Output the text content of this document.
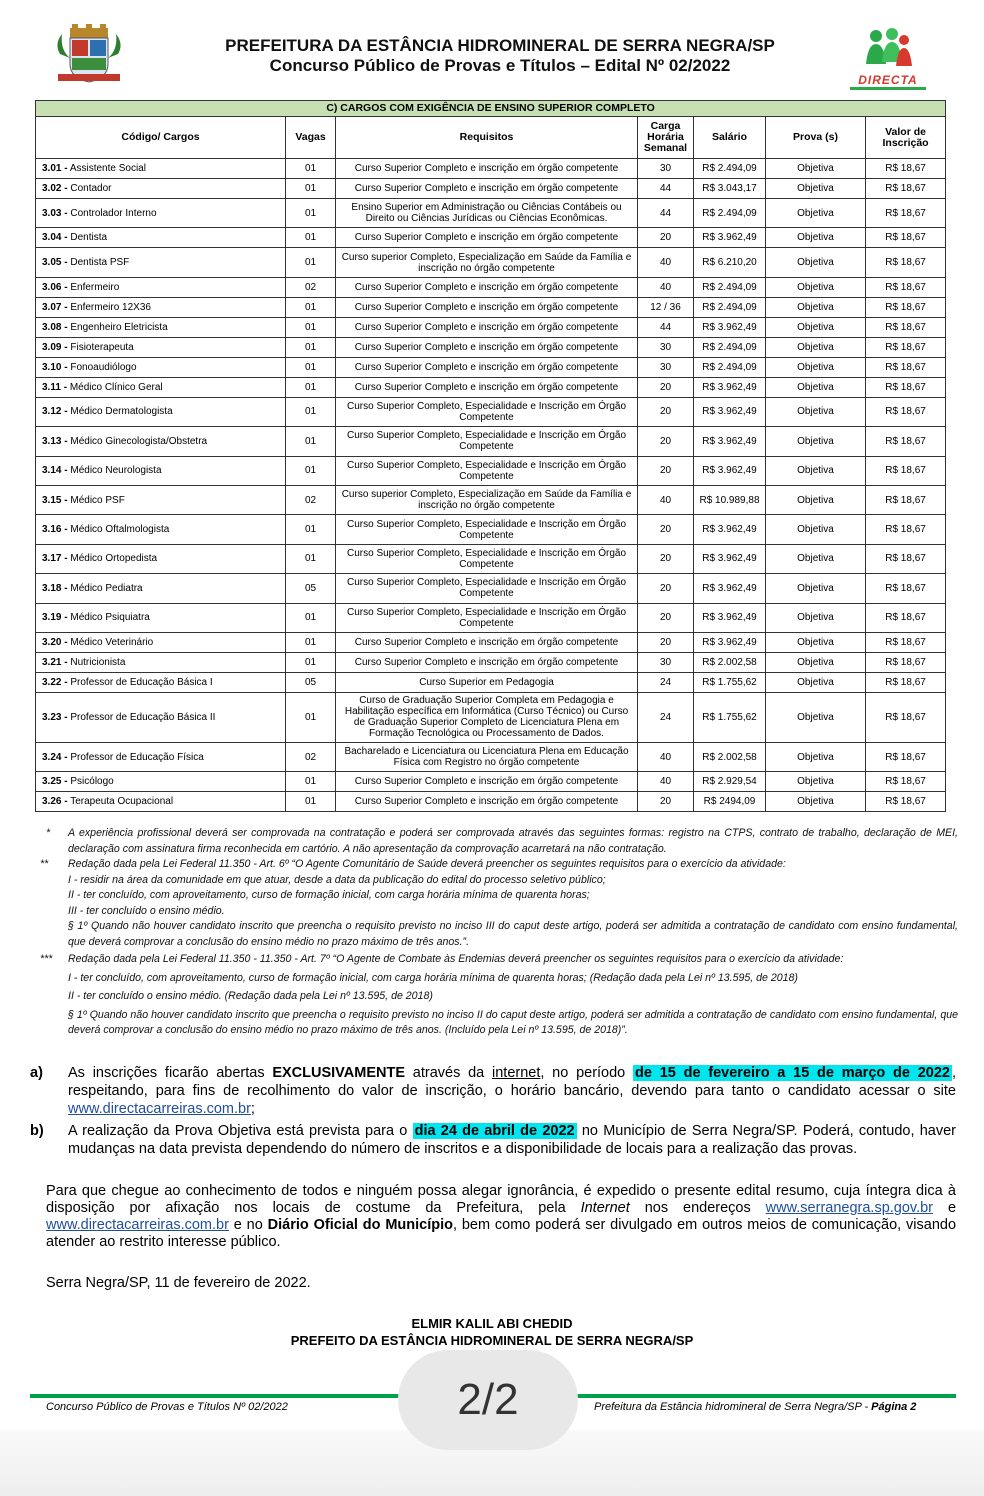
PREFEITURA DA ESTÂNCIA HIDROMINERAL DE SERRA NEGRA/SP
Concurso Público de Provas e Títulos – Edital Nº 02/2022
DIRECTA
C) CARGOS COM EXIGÊNCIA DE ENSINO SUPERIOR COMPLETO						
Código/ Cargos	Vagas	Requisitos	Carga Horária Semanal	Salário	Prova (s)	Valor de Inscrição
3.01 - Assistente Social	01	Curso Superior Completo e inscrição em órgão competente	30	R$ 2.494,09	Objetiva	R$ 18,67
3.02 - Contador	01	Curso Superior Completo e inscrição em órgão competente	44	R$ 3.043,17	Objetiva	R$ 18,67
3.03 - Controlador Interno	01	Ensino Superior em Administração ou Ciências Contábeis ou Direito ou Ciências Jurídicas ou Ciências Econômicas.	44	R$ 2.494,09	Objetiva	R$ 18,67
3.04 - Dentista	01	Curso Superior Completo e inscrição em órgão competente	20	R$ 3.962,49	Objetiva	R$ 18,67
3.05 - Dentista PSF	01	Curso superior Completo, Especialização em Saúde da Família e inscrição no órgão competente	40	R$ 6.210,20	Objetiva	R$ 18,67
3.06 - Enfermeiro	02	Curso Superior Completo e inscrição em órgão competente	40	R$ 2.494,09	Objetiva	R$ 18,67
3.07 - Enfermeiro 12X36	01	Curso Superior Completo e inscrição em órgão competente	12 / 36	R$ 2.494,09	Objetiva	R$ 18,67
3.08 - Engenheiro Eletricista	01	Curso Superior Completo e inscrição em órgão competente	44	R$ 3.962,49	Objetiva	R$ 18,67
3.09 - Fisioterapeuta	01	Curso Superior Completo e inscrição em órgão competente	30	R$ 2.494,09	Objetiva	R$ 18,67
3.10 - Fonoaudiólogo	01	Curso Superior Completo e inscrição em órgão competente	30	R$ 2.494,09	Objetiva	R$ 18,67
3.11 - Médico Clínico Geral	01	Curso Superior Completo e inscrição em órgão competente	20	R$ 3.962,49	Objetiva	R$ 18,67
3.12 - Médico Dermatologista	01	Curso Superior Completo, Especialidade e Inscrição em Órgão Competente	20	R$ 3.962,49	Objetiva	R$ 18,67
3.13 - Médico Ginecologista/Obstetra	01	Curso Superior Completo, Especialidade e Inscrição em Órgão Competente	20	R$ 3.962,49	Objetiva	R$ 18,67
3.14 - Médico Neurologista	01	Curso Superior Completo, Especialidade e Inscrição em Órgão Competente	20	R$ 3.962,49	Objetiva	R$ 18,67
3.15 - Médico PSF	02	Curso superior Completo, Especialização em Saúde da Família e inscrição no órgão competente	40	R$ 10.989,88	Objetiva	R$ 18,67
3.16 - Médico Oftalmologista	01	Curso Superior Completo, Especialidade e Inscrição em Órgão Competente	20	R$ 3.962,49	Objetiva	R$ 18,67
3.17 - Médico Ortopedista	01	Curso Superior Completo, Especialidade e Inscrição em Órgão Competente	20	R$ 3.962,49	Objetiva	R$ 18,67
3.18 - Médico Pediatra	05	Curso Superior Completo, Especialidade e Inscrição em Órgão Competente	20	R$ 3.962,49	Objetiva	R$ 18,67
3.19 - Médico Psiquiatra	01	Curso Superior Completo, Especialidade e Inscrição em Órgão Competente	20	R$ 3.962,49	Objetiva	R$ 18,67
3.20 - Médico Veterinário	01	Curso Superior Completo e inscrição em órgão competente	20	R$ 3.962,49	Objetiva	R$ 18,67
3.21 - Nutricionista	01	Curso Superior Completo e inscrição em órgão competente	30	R$ 2.002,58	Objetiva	R$ 18,67
3.22 - Professor de Educação Básica I	05	Curso Superior em Pedagogia	24	R$ 1.755,62	Objetiva	R$ 18,67
3.23 - Professor de Educação Básica II	01	Curso de Graduação Superior Completa em Pedagogia e Habilitação específica em Informática (Curso Técnico) ou Curso de Graduação Superior Completo de Licenciatura Plena em Formação Tecnológica ou Processamento de Dados.	24	R$ 1.755,62	Objetiva	R$ 18,67
3.24 - Professor de Educação Física	02	Bacharelado e Licenciatura ou Licenciatura Plena em Educação Física com Registro no órgão competente	40	R$ 2.002,58	Objetiva	R$ 18,67
3.25 - Psicólogo	01	Curso Superior Completo e inscrição em órgão competente	40	R$ 2.929,54	Objetiva	R$ 18,67
3.26 - Terapeuta Ocupacional	01	Curso Superior Completo e inscrição em órgão competente	20	R$ 2494,09	Objetiva	R$ 18,67
*	A experiência profissional deverá ser comprovada na contratação e poderá ser comprovada através das seguintes formas: registro na CTPS, contrato de trabalho, declaração de MEI, declaração com assinatura firma reconhecida em cartório. A não apresentação da comprovação acarretará na não contratação.
**	Redação dada pela Lei Federal 11.350 - Art. 6º “O Agente Comunitário de Saúde deverá preencher os seguintes requisitos para o exercício da atividade:
I - residir na área da comunidade em que atuar, desde a data da publicação do edital do processo seletivo público;
II - ter concluído, com aproveitamento, curso de formação inicial, com carga horária mínima de quarenta horas;
III - ter concluído o ensino médio.
§ 1º Quando não houver candidato inscrito que preencha o requisito previsto no inciso III do caput deste artigo, poderá ser admitida a contratação de candidato com ensino fundamental, que deverá comprovar a conclusão do ensino médio no prazo máximo de três anos.”.
***	Redação dada pela Lei Federal 11.350 - 11.350 - Art. 7º “O Agente de Combate às Endemias deverá preencher os seguintes requisitos para o exercício da atividade:
I - ter concluído, com aproveitamento, curso de formação inicial, com carga horária mínima de quarenta horas; (Redação dada pela Lei nº 13.595, de 2018)
II - ter concluído o ensino médio. (Redação dada pela Lei nº 13.595, de 2018)
§ 1º Quando não houver candidato inscrito que preencha o requisito previsto no inciso II do caput deste artigo, poderá ser admitida a contratação de candidato com ensino fundamental, que deverá comprovar a conclusão do ensino médio no prazo máximo de três anos. (Incluído pela Lei nº 13.595, de 2018)”.
a)	As inscrições ficarão abertas EXCLUSIVAMENTE através da internet, no período de 15 de fevereiro a 15 de março de 2022 , respeitando, para fins de recolhimento do valor de inscrição, o horário bancário, devendo para tanto o candidato acessar o site www.directacarreiras.com.br;
b)	A realização da Prova Objetiva está prevista para o dia 24 de abril de 2022 no Município de Serra Negra/SP. Poderá, contudo, haver mudanças na data prevista dependendo do número de inscritos e a disponibilidade de locais para a realização das provas.
Para que chegue ao conhecimento de todos e ninguém possa alegar ignorância, é expedido o presente edital resumo, cuja íntegra dica à disposição por afixação nos locais de costume da Prefeitura, pela Internet nos endereços www.serranegra.sp.gov.br e www.directacarreiras.com.br e no Diário Oficial do Município, bem como poderá ser divulgado em outros meios de comunicação, visando atender ao restrito interesse público.
Serra Negra/SP, 11 de fevereiro de 2022.
ELMIR KALIL ABI CHEDID
PREFEITO DA ESTÂNCIA HIDROMINERAL DE SERRA NEGRA/SP
Concurso Público de Provas e Títulos Nº 02/2022	Prefeitura da Estância hidromineral de Serra Negra/SP - Página 2
2/2
